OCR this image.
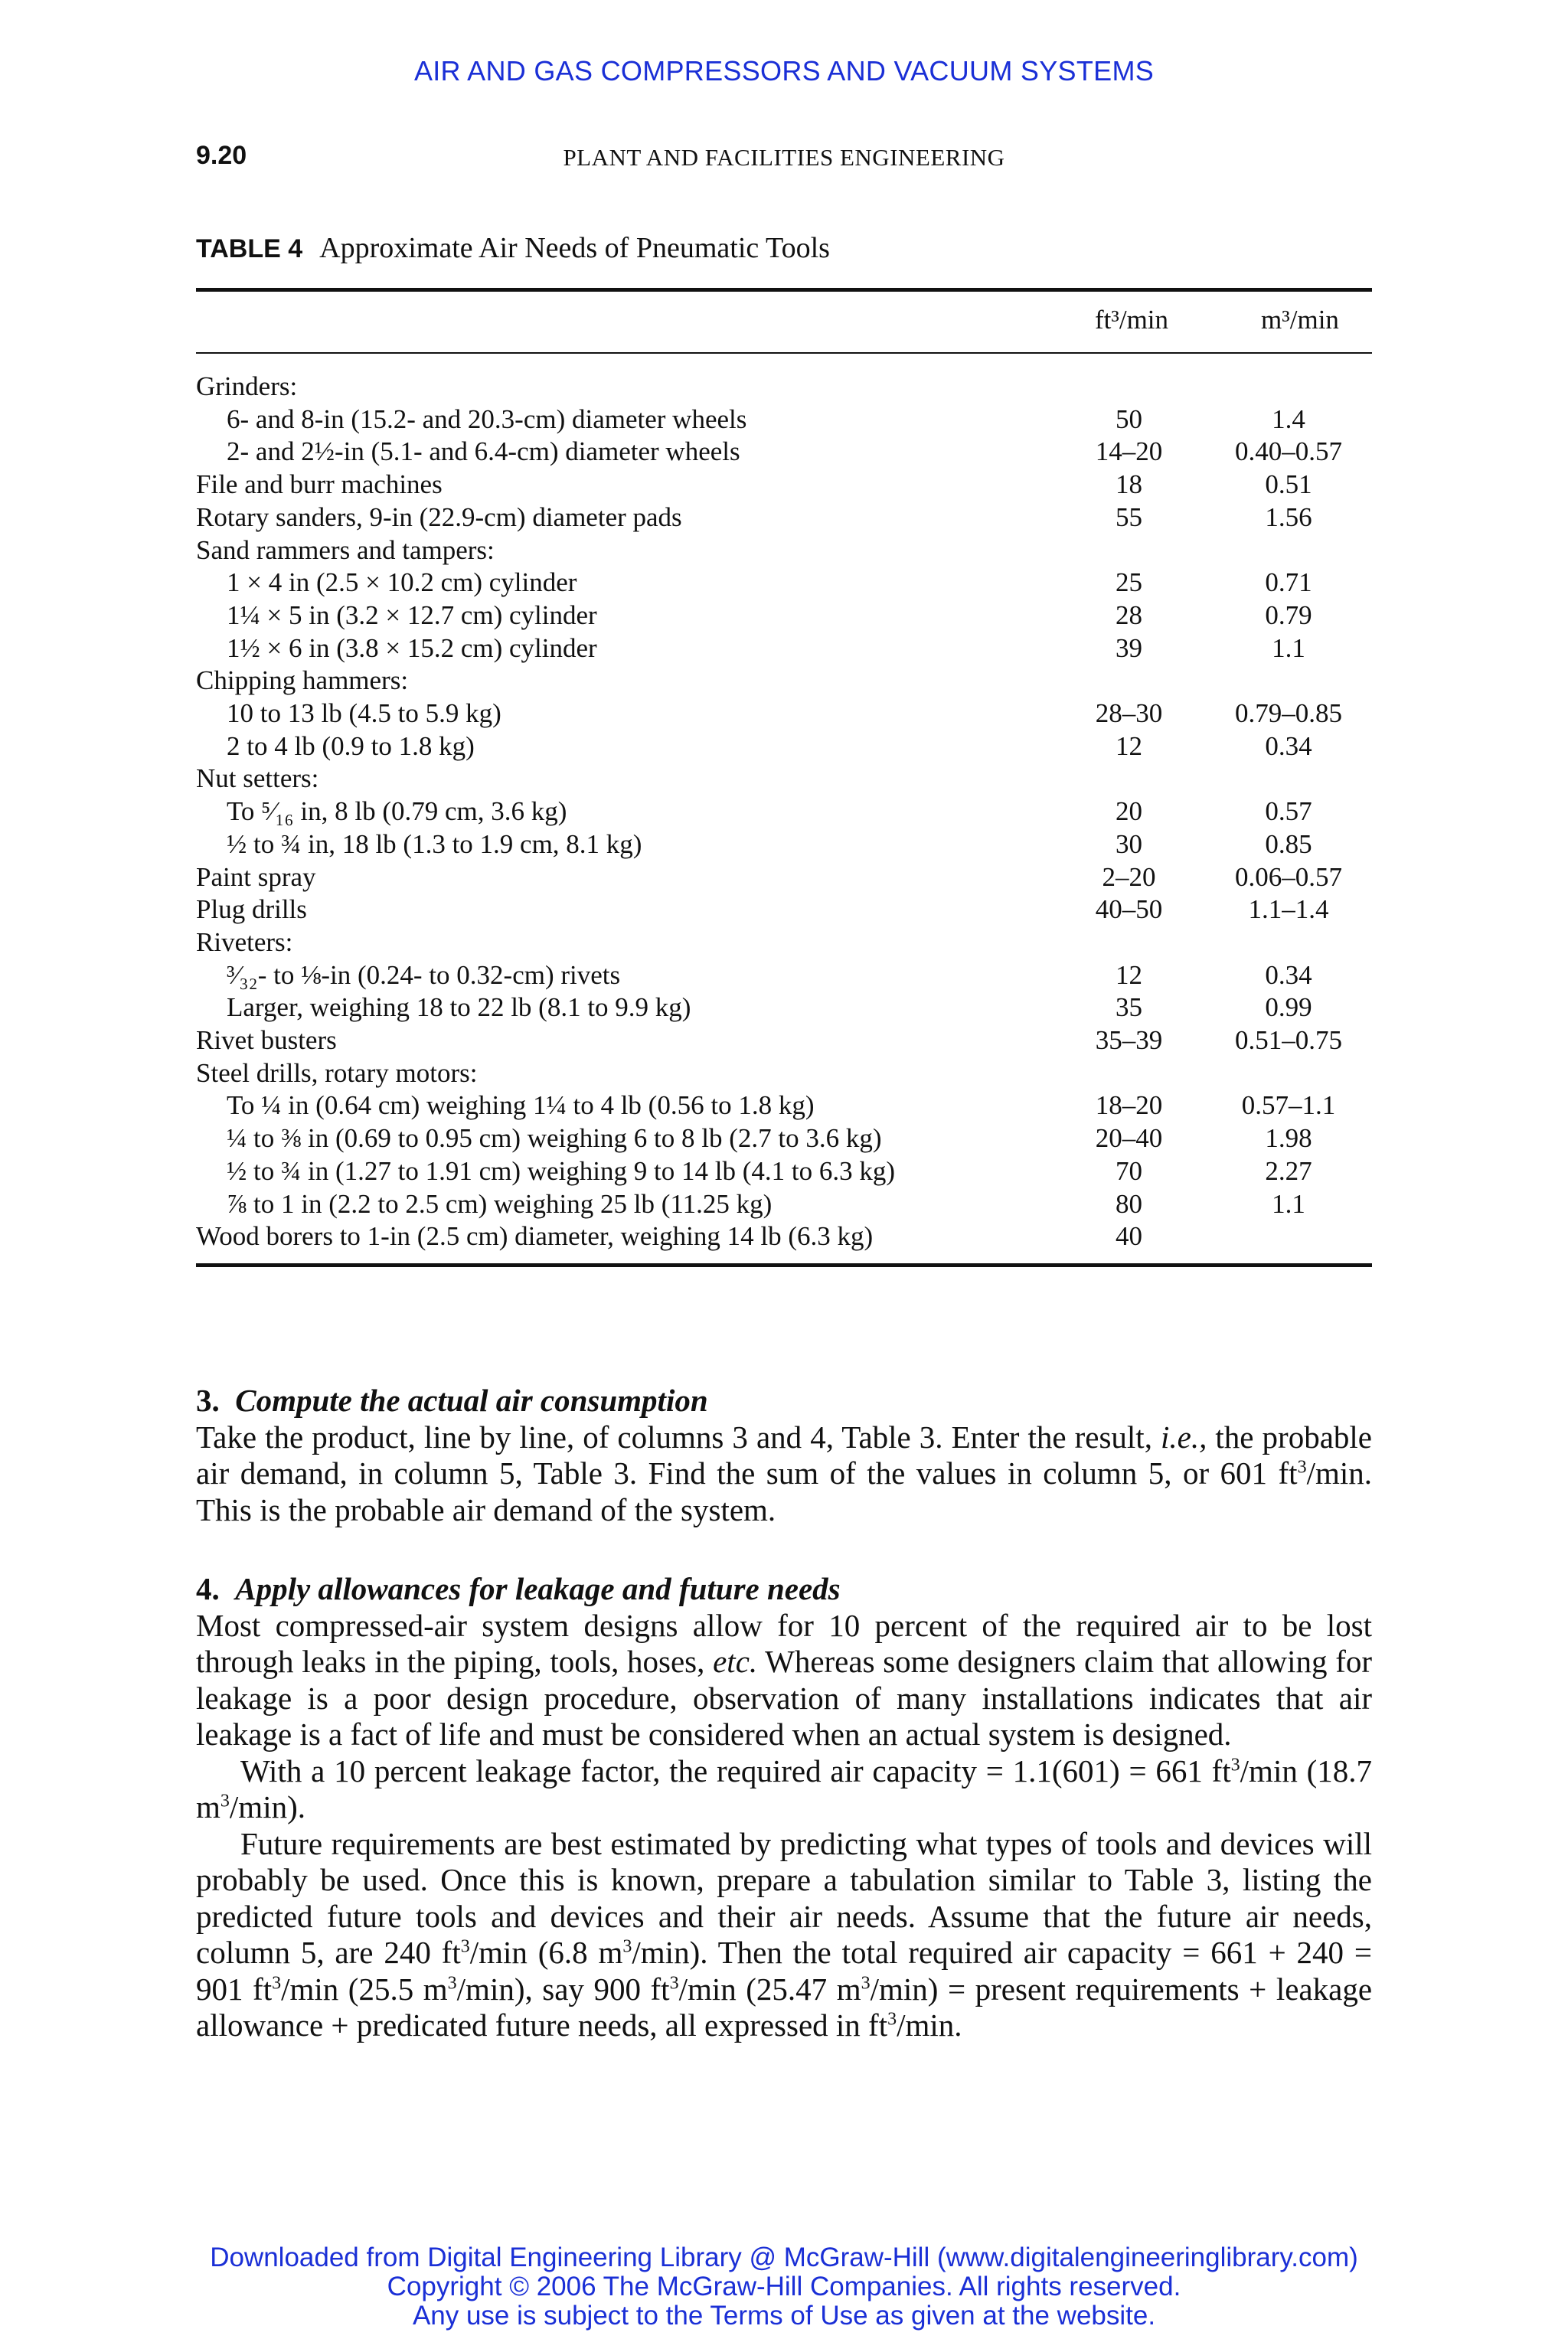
AIR AND GAS COMPRESSORS AND VACUUM SYSTEMS
9.20	PLANT AND FACILITIES ENGINEERING
TABLE 4 Approximate Air Needs of Pneumatic Tools
ft³/min	m³/min
Grinders:		
6- and 8-in (15.2- and 20.3-cm) diameter wheels	50	1.4
2- and 2½-in (5.1- and 6.4-cm) diameter wheels	14–20	0.40–0.57
File and burr machines	18	0.51
Rotary sanders, 9-in (22.9-cm) diameter pads	55	1.56
Sand rammers and tampers:		
1 × 4 in (2.5 × 10.2 cm) cylinder	25	0.71
1¼ × 5 in (3.2 × 12.7 cm) cylinder	28	0.79
1½ × 6 in (3.8 × 15.2 cm) cylinder	39	1.1
Chipping hammers:		
10 to 13 lb (4.5 to 5.9 kg)	28–30	0.79–0.85
2 to 4 lb (0.9 to 1.8 kg)	12	0.34
Nut setters:		
To ⁵⁄₁₆ in, 8 lb (0.79 cm, 3.6 kg)	20	0.57
½ to ¾ in, 18 lb (1.3 to 1.9 cm, 8.1 kg)	30	0.85
Paint spray	2–20	0.06–0.57
Plug drills	40–50	1.1–1.4
Riveters:		
³⁄₃₂- to ⅛-in (0.24- to 0.32-cm) rivets	12	0.34
Larger, weighing 18 to 22 lb (8.1 to 9.9 kg)	35	0.99
Rivet busters	35–39	0.51–0.75
Steel drills, rotary motors:		
To ¼ in (0.64 cm) weighing 1¼ to 4 lb (0.56 to 1.8 kg)	18–20	0.57–1.1
¼ to ⅜ in (0.69 to 0.95 cm) weighing 6 to 8 lb (2.7 to 3.6 kg)	20–40	1.98
½ to ¾ in (1.27 to 1.91 cm) weighing 9 to 14 lb (4.1 to 6.3 kg)	70	2.27
⅞ to 1 in (2.2 to 2.5 cm) weighing 25 lb (11.25 kg)	80	1.1
Wood borers to 1-in (2.5 cm) diameter, weighing 14 lb (6.3 kg)	40	

3. Compute the actual air consumption

Take the product, line by line, of columns 3 and 4, Table 3. Enter the result, i.e., the probable air demand, in column 5, Table 3. Find the sum of the values in column 5, or 601 $ft^3/\min$. This is the probable air demand of the system.

4. Apply allowances for leakage and future needs

Most compressed-air system designs allow for 10 percent of the required air to be lost through leaks in the piping, tools, hoses, etc. Whereas some designers claim that allowing for leakage is a poor design procedure, observation of many installations indicates that air leakage is a fact of life and must be considered when an actual system is designed.

With a 10 percent leakage factor, the required air capacity = 1.1(601) = 661 $ft^3/\min$ (18.7 $m^3/\min$).

Future requirements are best estimated by predicting what types of tools and devices will probably be used. Once this is known, prepare a tabulation similar to Table 3, listing the predicted future tools and devices and their air needs. Assume that the future air needs, column 5, are 240 $ft^3/\min$ (6.8 $m^3/\min$). Then the total required air capacity = 661 + 240 = 901 $ft^3/\min$ (25.5 $m^3/\min$), say 900 $ft^3/\min$ (25.47 $m^3/\min$) = present requirements + leakage allowance + predicated future needs, all expressed in $ft^3/\min$.

Downloaded from Digital Engineering Library @ McGraw-Hill (www.digitalengineeringlibrary.com)
Copyright © 2006 The McGraw-Hill Companies. All rights reserved.
Any use is subject to the Terms of Use as given at the website.
